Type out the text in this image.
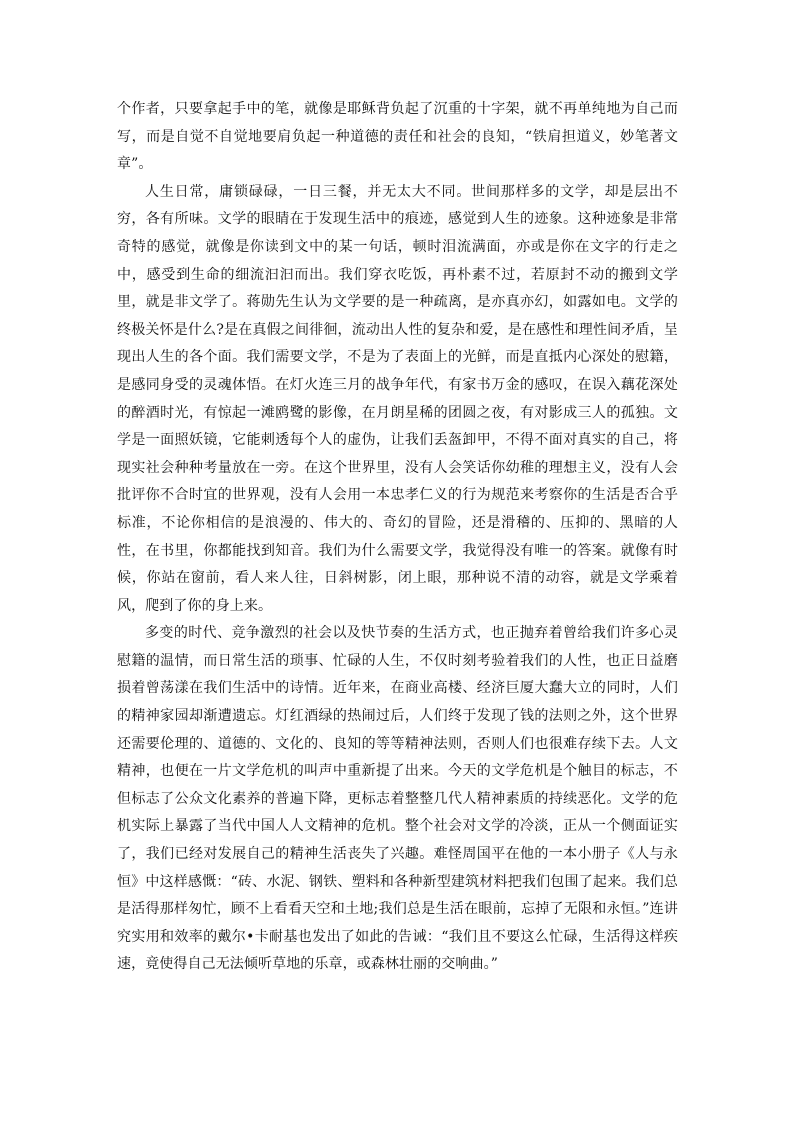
个作者，只要拿起手中的笔，就像是耶稣背负起了沉重的十字架，就不再单纯地为自己而写，而是自觉不自觉地要肩负起一种道德的责任和社会的良知，“铁肩担道义，妙笔著文章”。

人生日常，庸锁碌碌，一日三餐，并无太大不同。世间那样多的文学，却是层出不穷，各有所味。文学的眼睛在于发现生活中的痕迹，感觉到人生的迹象。这种迹象是非常奇特的感觉，就像是你读到文中的某一句话，顿时泪流满面，亦或是你在文字的行走之中，感受到生命的细流汩汩而出。我们穿衣吃饭，再朴素不过，若原封不动的搬到文学里，就是非文学了。蒋勋先生认为文学要的是一种疏离，是亦真亦幻，如露如电。文学的终极关怀是什么?是在真假之间徘徊，流动出人性的复杂和爱，是在感性和理性间矛盾，呈现出人生的各个面。我们需要文学，不是为了表面上的光鲜，而是直抵内心深处的慰籍，是感同身受的灵魂体悟。在灯火连三月的战争年代，有家书万金的感叹，在误入藕花深处的醉酒时光，有惊起一滩鸥鹭的影像，在月朗星稀的团圆之夜，有对影成三人的孤独。文学是一面照妖镜，它能刺透每个人的虚伪，让我们丢盔卸甲，不得不面对真实的自己，将现实社会种种考量放在一旁。在这个世界里，没有人会笑话你幼稚的理想主义，没有人会批评你不合时宜的世界观，没有人会用一本忠孝仁义的行为规范来考察你的生活是否合乎标准，不论你相信的是浪漫的、伟大的、奇幻的冒险，还是滑稽的、压抑的、黑暗的人性，在书里，你都能找到知音。我们为什么需要文学，我觉得没有唯一的答案。就像有时候，你站在窗前，看人来人往，日斜树影，闭上眼，那种说不清的动容，就是文学乘着风，爬到了你的身上来。

多变的时代、竞争激烈的社会以及快节奏的生活方式，也正抛弃着曾给我们许多心灵慰籍的温情，而日常生活的琐事、忙碌的人生，不仅时刻考验着我们的人性，也正日益磨损着曾荡漾在我们生活中的诗情。近年来，在商业高楼、经济巨厦大蠢大立的同时，人们的精神家园却渐遭遗忘。灯红酒绿的热闹过后，人们终于发现了钱的法则之外，这个世界还需要伦理的、道德的、文化的、良知的等等精神法则，否则人们也很难存续下去。人文精神，也便在一片文学危机的叫声中重新提了出来。今天的文学危机是个触目的标志，不但标志了公众文化素养的普遍下降，更标志着整整几代人精神素质的持续恶化。文学的危机实际上暴露了当代中国人人文精神的危机。整个社会对文学的冷淡，正从一个侧面证实了，我们已经对发展自己的精神生活丧失了兴趣。难怪周国平在他的一本小册子《人与永恒》中这样感慨：“砖、水泥、钢铁、塑料和各种新型建筑材料把我们包围了起来。我们总是活得那样匆忙，顾不上看看天空和土地;我们总是生活在眼前，忘掉了无限和永恒。”连讲究实用和效率的戴尔•卡耐基也发出了如此的告诫：“我们且不要这么忙碌，生活得这样疾速，竟使得自己无法倾听草地的乐章，或森林壮丽的交响曲。”
